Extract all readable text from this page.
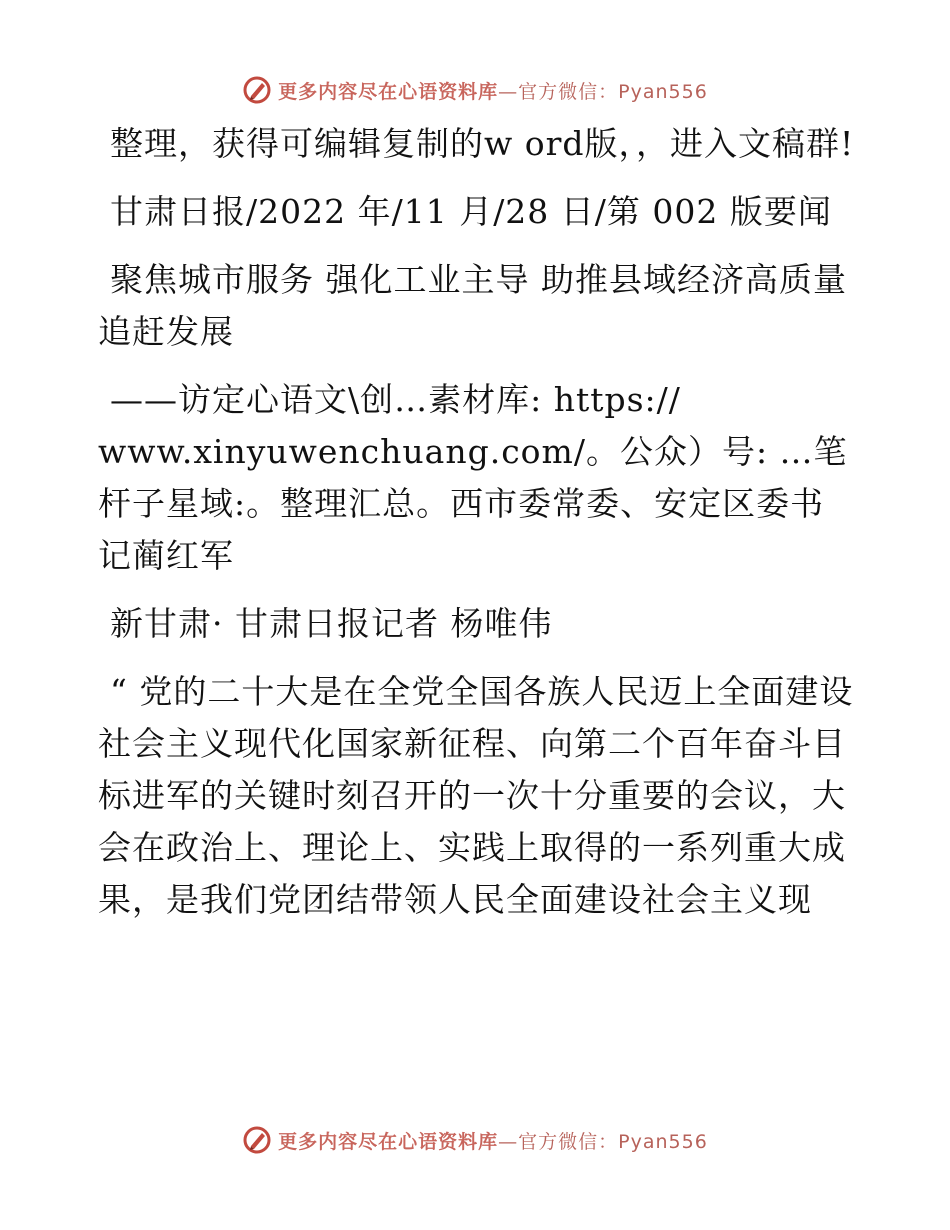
更多内容尽在心语资料库—官方微信：Pyan556

整理，获得可编辑复制的w ord版，，进入文稿群!

甘肃日报/2022 年/11 月/28 日/第 002 版要闻

聚焦城市服务 强化工业主导 助推县域经济高质量追赶发展

——访定心语文\创…素材库: https:// www.xinyuwenchuang.com/。公众）号: …笔杆子星域:。整理汇总。西市委常委、安定区委书记蔺红军

新甘肃· 甘肃日报记者 杨唯伟

“ 党的二十大是在全党全国各族人民迈上全面建设社会主义现代化国家新征程、向第二个百年奋斗目标进军的关键时刻召开的一次十分重要的会议，大会在政治上、理论上、实践上取得的一系列重大成果，是我们党团结带领人民全面建设社会主义现

更多内容尽在心语资料库—官方微信：Pyan556
